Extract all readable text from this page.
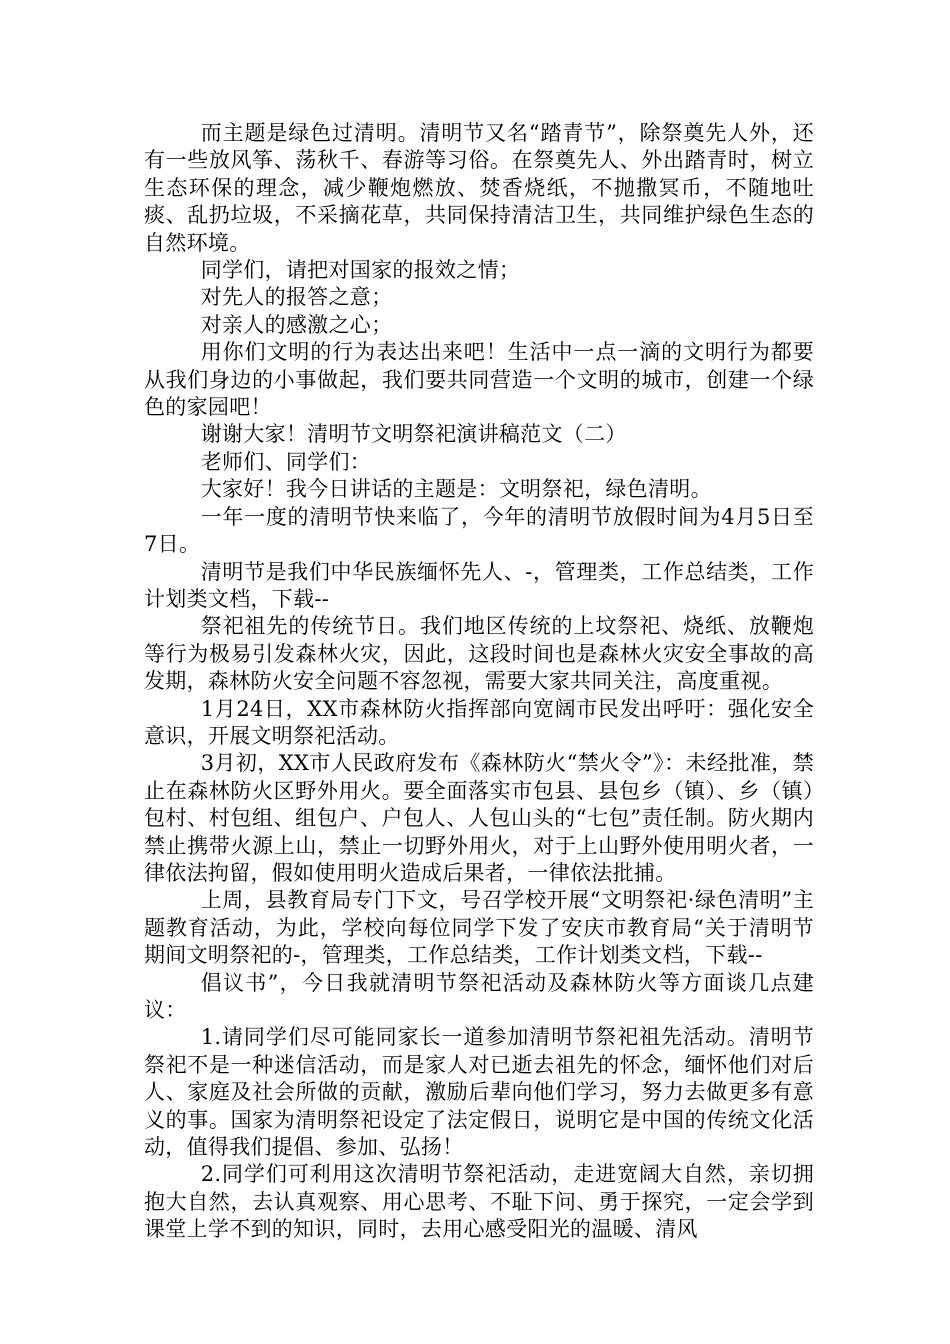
而主题是绿色过清明。清明节又名“踏青节”，除祭奠先人外，还有一些放风筝、荡秋千、春游等习俗。在祭奠先人、外出踏青时，树立生态环保的理念，减少鞭炮燃放、焚香烧纸，不抛撒冥币，不随地吐痰、乱扔垃圾，不采摘花草，共同保持清洁卫生，共同维护绿色生态的自然环境。

同学们，请把对国家的报效之情；

对先人的报答之意；

对亲人的感激之心；

用你们文明的行为表达出来吧！生活中一点一滴的文明行为都要从我们身边的小事做起，我们要共同营造一个文明的城市，创建一个绿色的家园吧！

谢谢大家！清明节文明祭祀演讲稿范文（二）

老师们、同学们：

大家好！我今日讲话的主题是：文明祭祀，绿色清明。

一年一度的清明节快来临了，今年的清明节放假时间为4月5日至7日。

清明节是我们中华民族缅怀先人、-，管理类，工作总结类，工作计划类文档，下载--

祭祀祖先的传统节日。我们地区传统的上坟祭祀、烧纸、放鞭炮等行为极易引发森林火灾，因此，这段时间也是森林火灾安全事故的高发期，森林防火安全问题不容忽视，需要大家共同关注，高度重视。

1月24日，XX市森林防火指挥部向宽阔市民发出呼吁：强化安全意识，开展文明祭祀活动。

3月初，XX市人民政府发布《森林防火“禁火令”》：未经批准，禁止在森林防火区野外用火。要全面落实市包县、县包乡（镇）、乡（镇）包村、村包组、组包户、户包人、人包山头的“七包”责任制。防火期内禁止携带火源上山，禁止一切野外用火，对于上山野外使用明火者，一律依法拘留，假如使用明火造成后果者，一律依法批捕。

上周，县教育局专门下文，号召学校开展“文明祭祀·绿色清明”主题教育活动，为此，学校向每位同学下发了安庆市教育局“关于清明节期间文明祭祀的-，管理类，工作总结类，工作计划类文档，下载--

倡议书”，今日我就清明节祭祀活动及森林防火等方面谈几点建议：

1.请同学们尽可能同家长一道参加清明节祭祀祖先活动。清明节祭祀不是一种迷信活动，而是家人对已逝去祖先的怀念，缅怀他们对后人、家庭及社会所做的贡献，激励后辈向他们学习，努力去做更多有意义的事。国家为清明祭祀设定了法定假日，说明它是中国的传统文化活动，值得我们提倡、参加、弘扬！

2.同学们可利用这次清明节祭祀活动，走进宽阔大自然，亲切拥抱大自然，去认真观察、用心思考、不耻下问、勇于探究，一定会学到课堂上学不到的知识，同时，去用心感受阳光的温暖、清风
